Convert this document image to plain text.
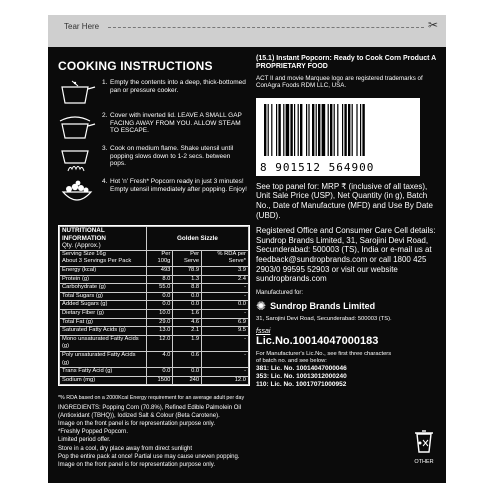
Tear Here	✂
COOKING INSTRUCTIONS
1. Empty the contents into a deep, thick-bottomed pan or pressure cooker.
2. Cover with inverted lid. LEAVE A SMALL GAP FACING AWAY FROM YOU. ALLOW STEAM TO ESCAPE.
3. Cook on medium flame. Shake utensil until popping slows down to 1-2 secs. between pops.
4. Hot 'n' Fresh* Popcorn ready in just 3 minutes! Empty utensil immediately after popping. Enjoy!
NUTRITIONAL INFORMATION
Qty. (Approx.)	Golden Sizzle		
Serving Size 16g
About 3 Servings Per Pack	Per 100g	Per Serve	% RDA per Serve*
Energy (kcal)	493	78.9	3.9
Protein (g)	8.0	1.3	2.4
Carbohydrate (g)	55.0	8.8	-
Total Sugars (g)	0.0	0.0	-
Added Sugars (g)	0.0	0.0	0.0
Dietary Fiber (g)	10.0	1.6	-
Total Fat (g)	29.0	4.6	6.9
Saturated Fatty Acids (g)	13.0	2.1	9.5
Mono unsaturated Fatty Acids (g)	12.0	1.9	-
Poly unsaturated Fatty Acids (g)	4.0	0.6	-
Trans Fatty Acid (g)	0.0	0.0	-
Sodium (mg)	1500	240	12.0

*% RDA based on a 2000Kcal Energy requirement for an average adult per day

INGREDIENTS: Popping Corn (70.8%), Refined Edible Palmolein Oil (Antioxidant (TBHQ)), Iodized Salt & Colour (Beta Carotene).

Image on the front panel is for representation purpose only.

*Freshly Popped Popcorn.

Limited period offer.

Store in a cool, dry place away from direct sunlight

Pop the entire pack at once! Partial use may cause uneven popping.

Image on the front panel is for representation purpose only.

(15.1) Instant Popcorn: Ready to Cook Corn Product A PROPRIETARY FOOD
ACT II and movie Marquee logo are registered trademarks of ConAgra Foods RDM LLC, USA.
8 901512 564900
See top panel for: MRP ₹ (inclusive of all taxes), Unit Sale Price (USP), Net Quantity (in g), Batch No., Date of Manufacture (MFD) and Use By Date (UBD).
Registered Office and Consumer Care Cell details: Sundrop Brands Limited, 31, Sarojini Devi Road, Secunderabad: 500003 (TS), India or e-mail us at feedback@sundropbrands.com or call 1800 425 2903/0 99595 52903 or visit our website sundropbrands.com
Manufactured for:
✺ Sundrop Brands Limited
31, Sarojini Devi Road, Secunderabad: 500003 (TS).
fssai
Lic.No.10014047000183
For Manufacturer's Lic.No., see first three characters of batch no. and see below:
381: Lic. No. 10014047000046
353: Lic. No. 10013012000240
110: Lic. No. 10017071000952
OTHER
